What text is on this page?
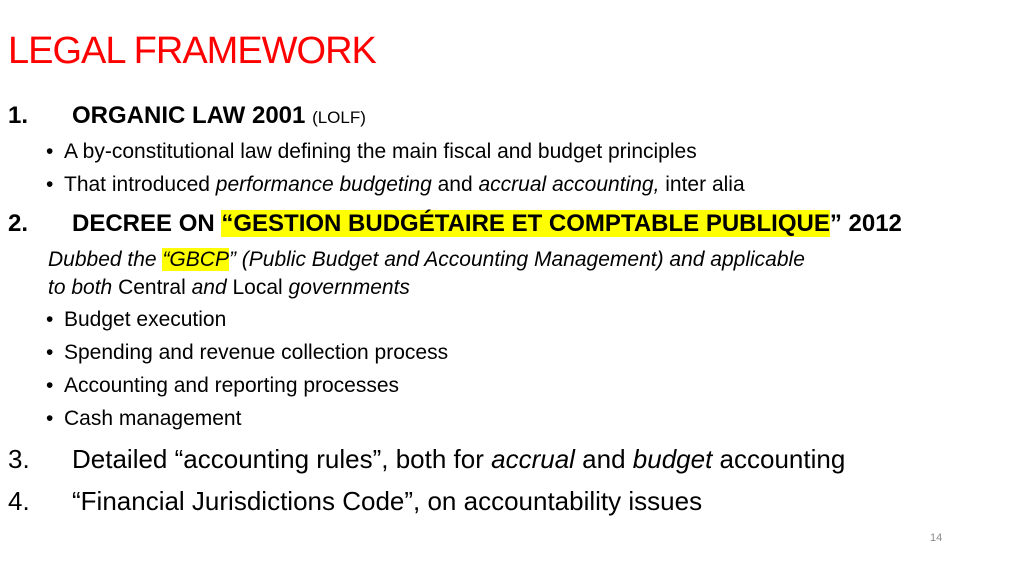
LEGAL FRAMEWORK
1. ORGANIC LAW 2001 (LOLF)
• A by-constitutional law defining the main fiscal and budget principles
• That introduced performance budgeting and accrual accounting, inter alia
2. DECREE ON “GESTION BUDGÉTAIRE ET COMPTABLE PUBLIQUE” 2012
Dubbed the “GBCP” (Public Budget and Accounting Management) and applicable
to both Central and Local governments
• Budget execution
• Spending and revenue collection process
• Accounting and reporting processes
• Cash management
3. Detailed “accounting rules”, both for accrual and budget accounting
4. “Financial Jurisdictions Code”, on accountability issues
14
